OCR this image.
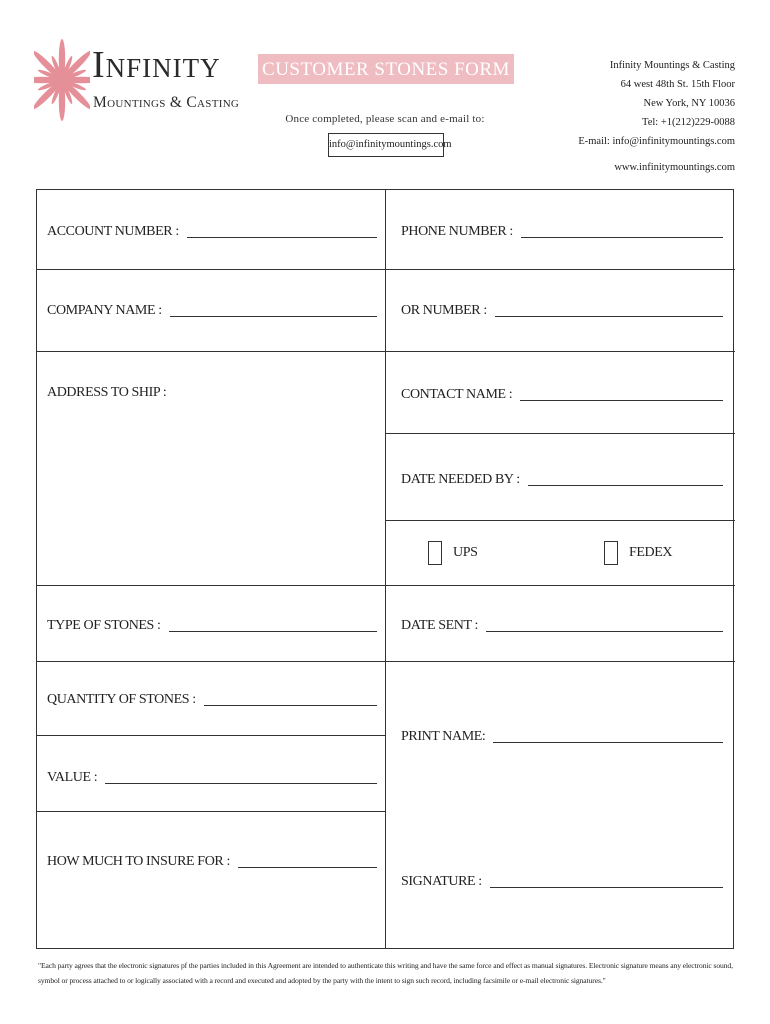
Infinity
Mountings & Casting
CUSTOMER STONES FORM
Once completed, please scan and e-mail to:
info@infinitymountings.com
Infinity Mountings & Casting
64 west 48th St. 15th Floor
New York, NY 10036
Tel: +1(212)229-0088
E-mail: info@infinitymountings.com
www.infinitymountings.com
ACCOUNT NUMBER :	PHONE NUMBER :
COMPANY NAME :	OR NUMBER :
ADDRESS TO SHIP :	CONTACT NAME :
DATE NEEDED BY :
UPS	FEDEX
TYPE OF STONES :	DATE SENT :
QUANTITY OF STONES :
VALUE :
HOW MUCH TO INSURE FOR :
PRINT NAME:
SIGNATURE :
"Each party agrees that the electronic signatures pf the parties included in this Agreement are intended to authenticate this writing and have the same force and effect as manual signatures. Electronic signature means any electronic sound, symbol or process attached to or logically associated with a record and executed and adopted by the party with the intent to sign such record, including facsimile or e-mail electronic signatures."
